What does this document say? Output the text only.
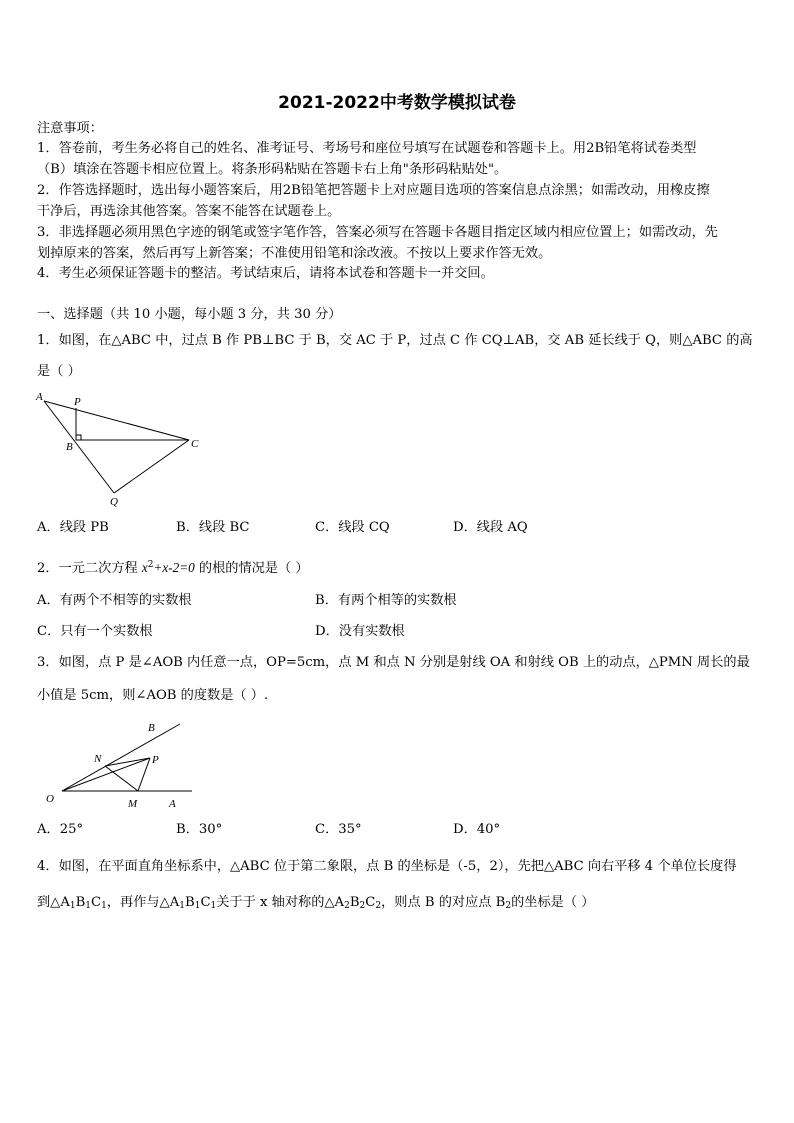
2021-2022中考数学模拟试卷
注意事项：
1．答卷前，考生务必将自己的姓名、准考证号、考场号和座位号填写在试题卷和答题卡上。用2B铅笔将试卷类型
（B）填涂在答题卡相应位置上。将条形码粘贴在答题卡右上角"条形码粘贴处"。
2．作答选择题时，选出每小题答案后，用2B铅笔把答题卡上对应题目选项的答案信息点涂黑；如需改动，用橡皮擦
干净后，再选涂其他答案。答案不能答在试题卷上。
3．非选择题必须用黑色字迹的钢笔或签字笔作答，答案必须写在答题卡各题目指定区域内相应位置上；如需改动，先
划掉原来的答案，然后再写上新答案；不准使用铅笔和涂改液。不按以上要求作答无效。
4．考生必须保证答题卡的整洁。考试结束后，请将本试卷和答题卡一并交回。
一、选择题（共 10 小题，每小题 3 分，共 30 分）
1．如图，在△ABC 中，过点 B 作 PB⊥BC 于 B，交 AC 于 P，过点 C 作 CQ⊥AB，交 AB 延长线于 Q，则△ABC 的高
是（ ）
A	P
B	C
Q
A．线段 PB	B．线段 BC	C．线段 CQ	D．线段 AQ
2．一元二次方程 $x^2+x-2=0$ 的根的情况是（ ）
A．有两个不相等的实数根	B．有两个相等的实数根
C．只有一个实数根	D．没有实数根
3．如图，点 P 是∠AOB 内任意一点，OP=5cm，点 M 和点 N 分别是射线 OA 和射线 OB 上的动点，△PMN 周长的最
小值是 5cm，则∠AOB 的度数是（ ）.
B
N	P
O	M	A
A．25°	B．30°	C．35°	D．40°
4．如图，在平面直角坐标系中，△ABC 位于第二象限，点 B 的坐标是（-5，2），先把△ABC 向右平移 4 个单位长度得
到$\triangle A_1B_1C_1$，再作与$\triangle A_1B_1C_1$关于于 x 轴对称的$\triangle A_2B_2C_2$，则点 B 的对应点 $B_2$的坐标是（ ）
